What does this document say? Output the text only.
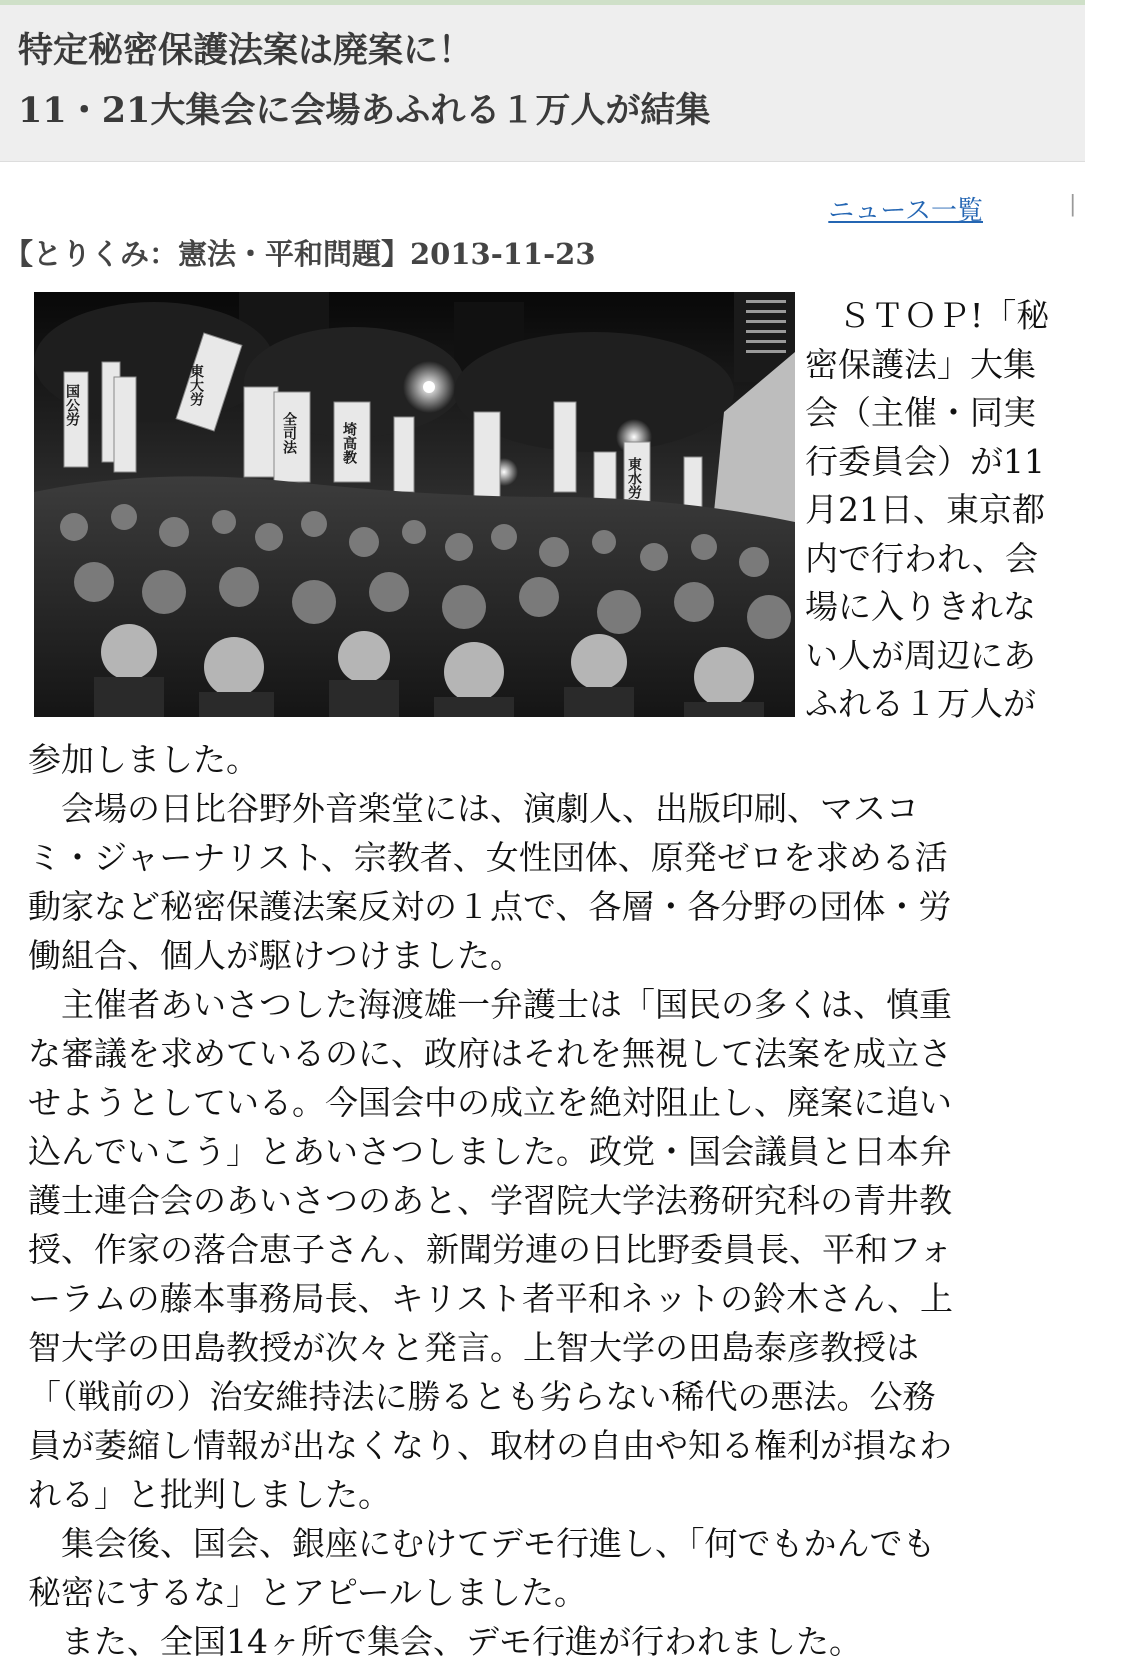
特定秘密保護法案は廃案に！
11・21大集会に会場あふれる１万人が結集
ニュース一覧	|
【とりくみ：憲法・平和問題】2013-11-23
東大労
国公労
全司法	埼高教
東水労
　ＳＴＯＰ!「秘
密保護法」大集
会（主催・同実
行委員会）が11
月21日、東京都
内で行われ、会
場に入りきれな
い人が周辺にあ
ふれる１万人が
参加しました。
　会場の日比谷野外音楽堂には、演劇人、出版印刷、マスコ
ミ・ジャーナリスト、宗教者、女性団体、原発ゼロを求める活
動家など秘密保護法案反対の１点で、各層・各分野の団体・労
働組合、個人が駆けつけました。
　主催者あいさつした海渡雄一弁護士は「国民の多くは、慎重
な審議を求めているのに、政府はそれを無視して法案を成立さ
せようとしている。今国会中の成立を絶対阻止し、廃案に追い
込んでいこう」とあいさつしました。政党・国会議員と日本弁
護士連合会のあいさつのあと、学習院大学法務研究科の青井教
授、作家の落合恵子さん、新聞労連の日比野委員長、平和フォ
ーラムの藤本事務局長、キリスト者平和ネットの鈴木さん、上
智大学の田島教授が次々と発言。上智大学の田島泰彦教授は
「（戦前の）治安維持法に勝るとも劣らない稀代の悪法。公務
員が萎縮し情報が出なくなり、取材の自由や知る権利が損なわ
れる」と批判しました。
　集会後、国会、銀座にむけてデモ行進し、「何でもかんでも
秘密にするな」とアピールしました。
　また、全国14ヶ所で集会、デモ行進が行われました。
